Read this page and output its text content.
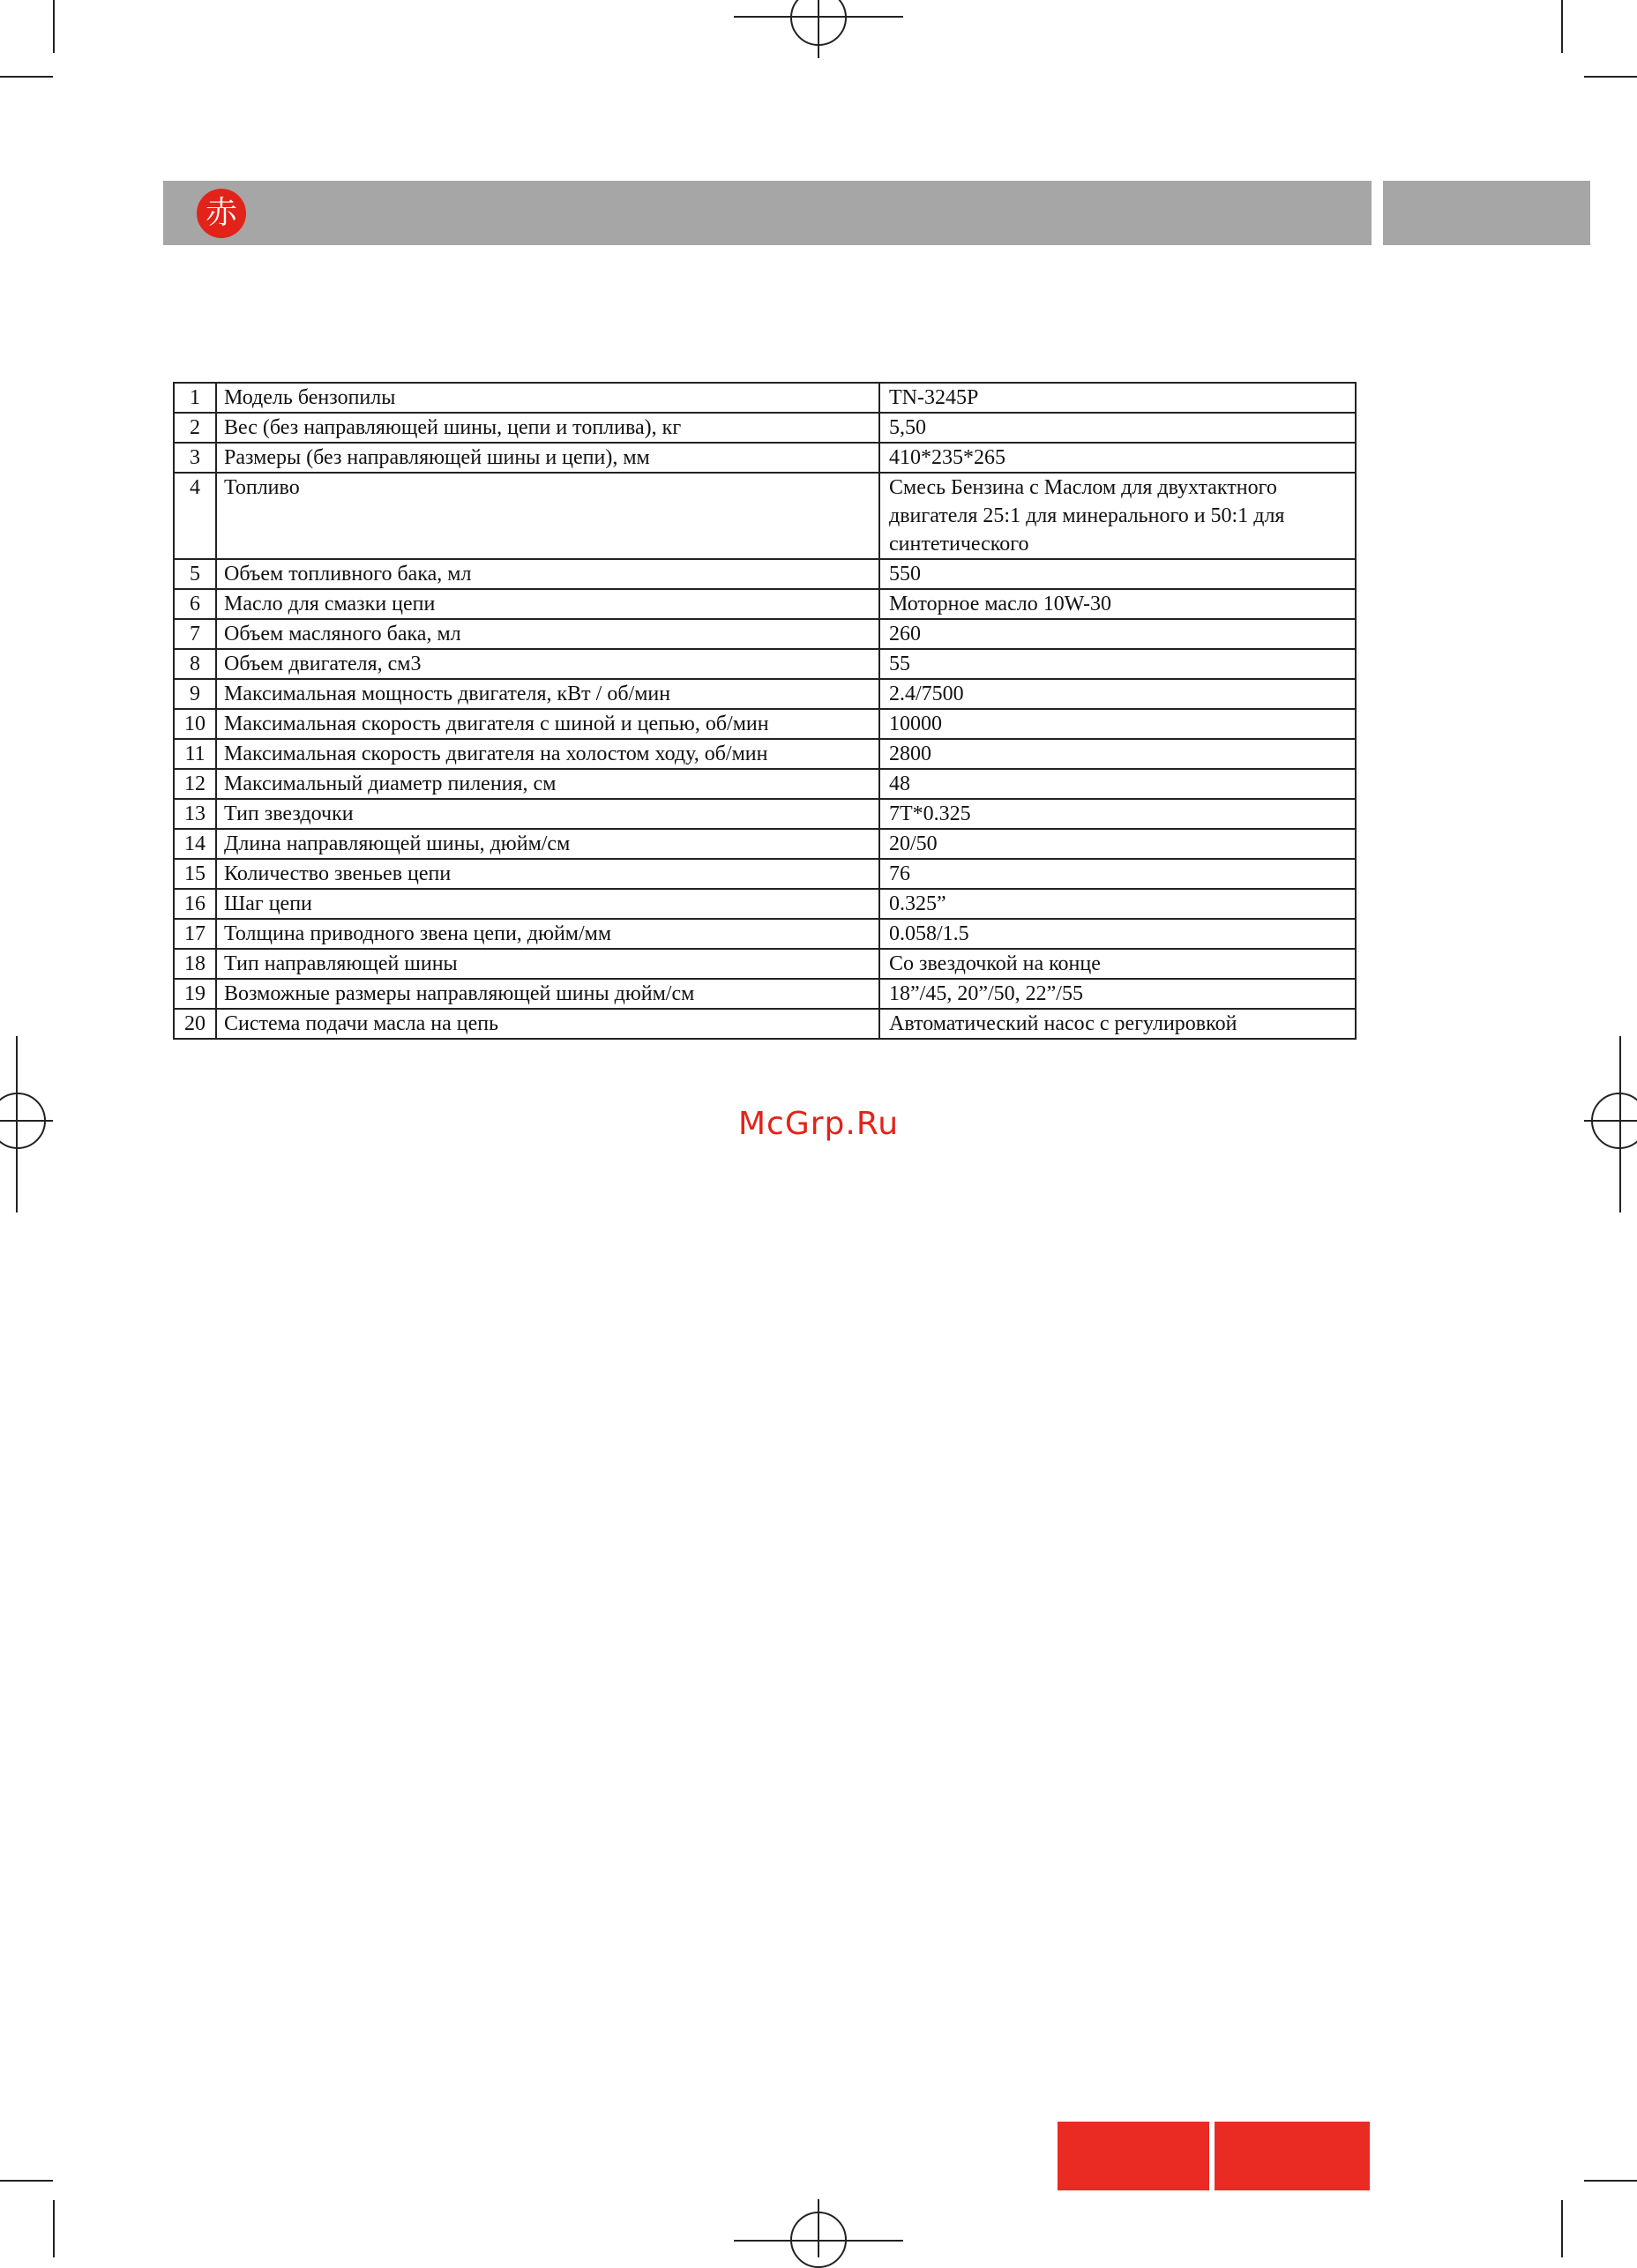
赤
1	Модель бензопилы	TN-3245P
2	Вес (без направляющей шины, цепи и топлива), кг	5,50
3	Размеры (без направляющей шины и цепи), мм	410*235*265
4	Топливо	Смесь Бензина с Маслом для двухтактного двигателя 25:1 для минерального и 50:1 для синтетического
5	Объем топливного бака, мл	550
6	Масло для смазки цепи	Моторное масло 10W-30
7	Объем масляного бака, мл	260
8	Объем двигателя, см3	55
9	Максимальная мощность двигателя, кВт / об/мин	2.4/7500
10	Максимальная скорость двигателя с шиной и цепью, об/мин	10000
11	Максимальная скорость двигателя на холостом ходу, об/мин	2800
12	Максимальный диаметр пиления, см	48
13	Тип звездочки	7T*0.325
14	Длина направляющей шины, дюйм/см	20/50
15	Количество звеньев цепи	76
16	Шаг цепи	0.325”
17	Толщина приводного звена цепи, дюйм/мм	0.058/1.5
18	Тип направляющей шины	Со звездочкой на конце
19	Возможные размеры направляющей шины дюйм/см	18”/45, 20”/50, 22”/55
20	Система подачи масла на цепь	Автоматический насос с регулировкой
McGrp.Ru
